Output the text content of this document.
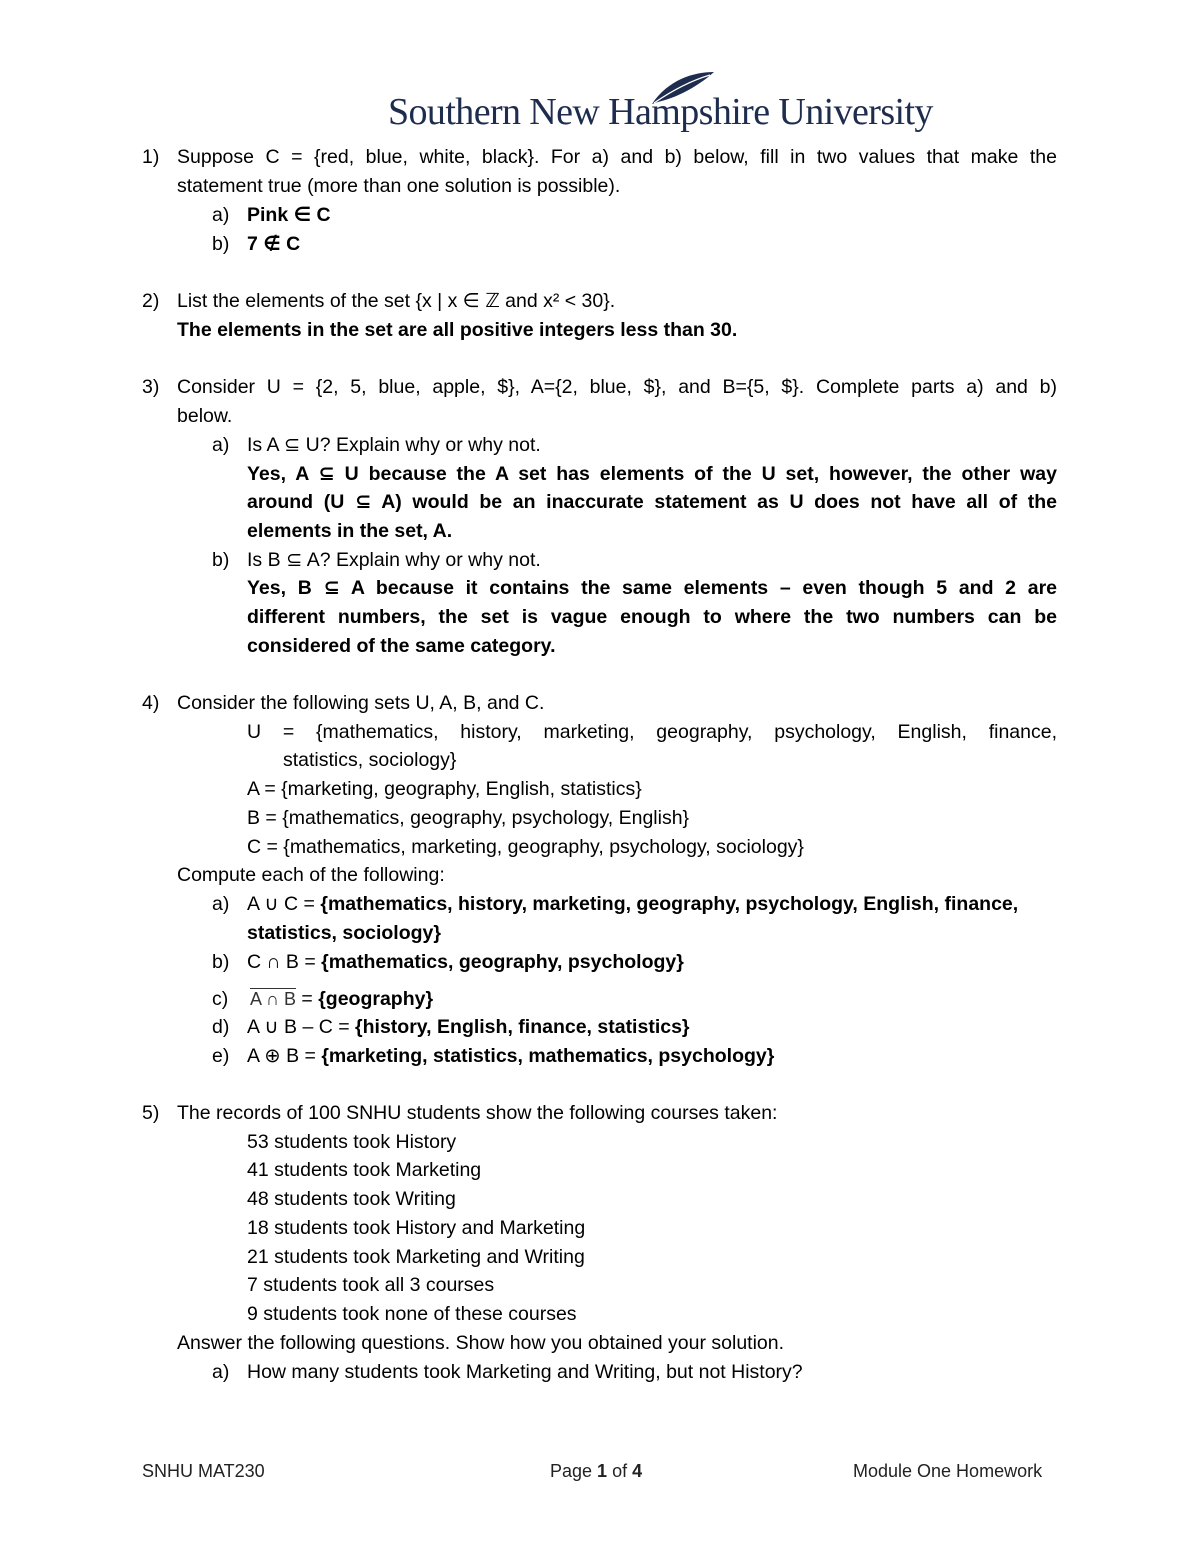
Southern New Hampshire University
1) Suppose C = {red, blue, white, black}. For a) and b) below, fill in two values that make the
statement true (more than one solution is possible).
a) Pink ∈ C
b) 7 ∉ C
2) List the elements of the set {x | x ∈ ℤ and x² < 30}.
The elements in the set are all positive integers less than 30.
3) Consider U = {2, 5, blue, apple, $}, A={2, blue, $}, and B={5, $}. Complete parts a) and b)
below.
a) Is A ⊆ U? Explain why or why not.
Yes, A ⊆ U because the A set has elements of the U set, however, the other way
around (U ⊆ A) would be an inaccurate statement as U does not have all of the
elements in the set, A.
b) Is B ⊆ A? Explain why or why not.
Yes, B ⊆ A because it contains the same elements – even though 5 and 2 are
different numbers, the set is vague enough to where the two numbers can be
considered of the same category.
4) Consider the following sets U, A, B, and C.
U = {mathematics, history, marketing, geography, psychology, English, finance,
statistics, sociology}
A = {marketing, geography, English, statistics}
B = {mathematics, geography, psychology, English}
C = {mathematics, marketing, geography, psychology, sociology}
Compute each of the following:
a) A ∪ C = {mathematics, history, marketing, geography, psychology, English, finance,
statistics, sociology}
b) C ∩ B = {mathematics, geography, psychology}
c) A ∩ B = {geography}
d) A ∪ B – C = {history, English, finance, statistics}
e) A ⊕ B = {marketing, statistics, mathematics, psychology}
5) The records of 100 SNHU students show the following courses taken:
53 students took History
41 students took Marketing
48 students took Writing
18 students took History and Marketing
21 students took Marketing and Writing
7 students took all 3 courses
9 students took none of these courses
Answer the following questions. Show how you obtained your solution.
a) How many students took Marketing and Writing, but not History?
SNHU MAT230	Page 1 of 4	Module One Homework
